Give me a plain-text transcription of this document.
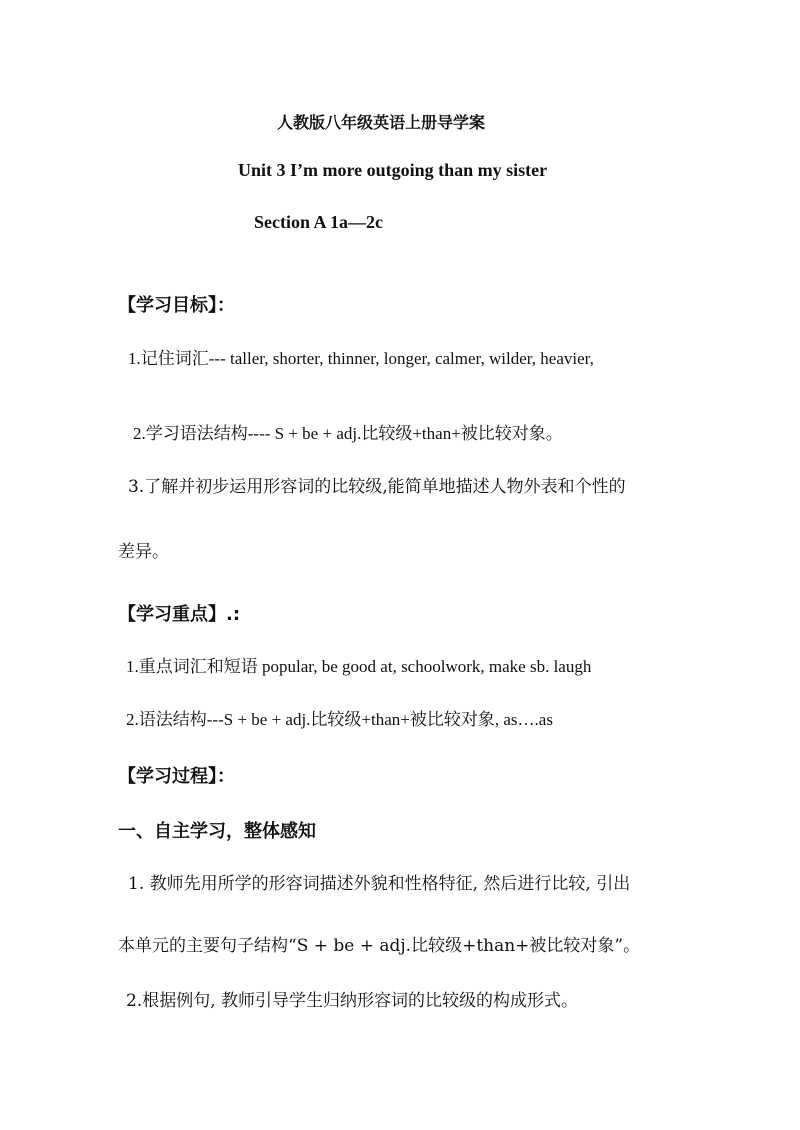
人教版八年级英语上册导学案
Unit 3 I’m more outgoing than my sister
Section A 1a—2c
【学习目标】：
1.记住词汇--- taller, shorter, thinner, longer, calmer, wilder, heavier,
2.学习语法结构---- S + be + adj.比较级+than+被比较对象。
3.了解并初步运用形容词的比较级,能简单地描述人物外表和个性的
差异。
【学习重点】.:
1.重点词汇和短语 popular, be good at, schoolwork, make sb. laugh
2.语法结构---S + be + adj.比较级+than+被比较对象, as….as
【学习过程】：
一、自主学习，整体感知
1. 教师先用所学的形容词描述外貌和性格特征, 然后进行比较, 引出
本单元的主要句子结构“S + be + adj.比较级+than+被比较对象”。
2.根据例句, 教师引导学生归纳形容词的比较级的构成形式。
